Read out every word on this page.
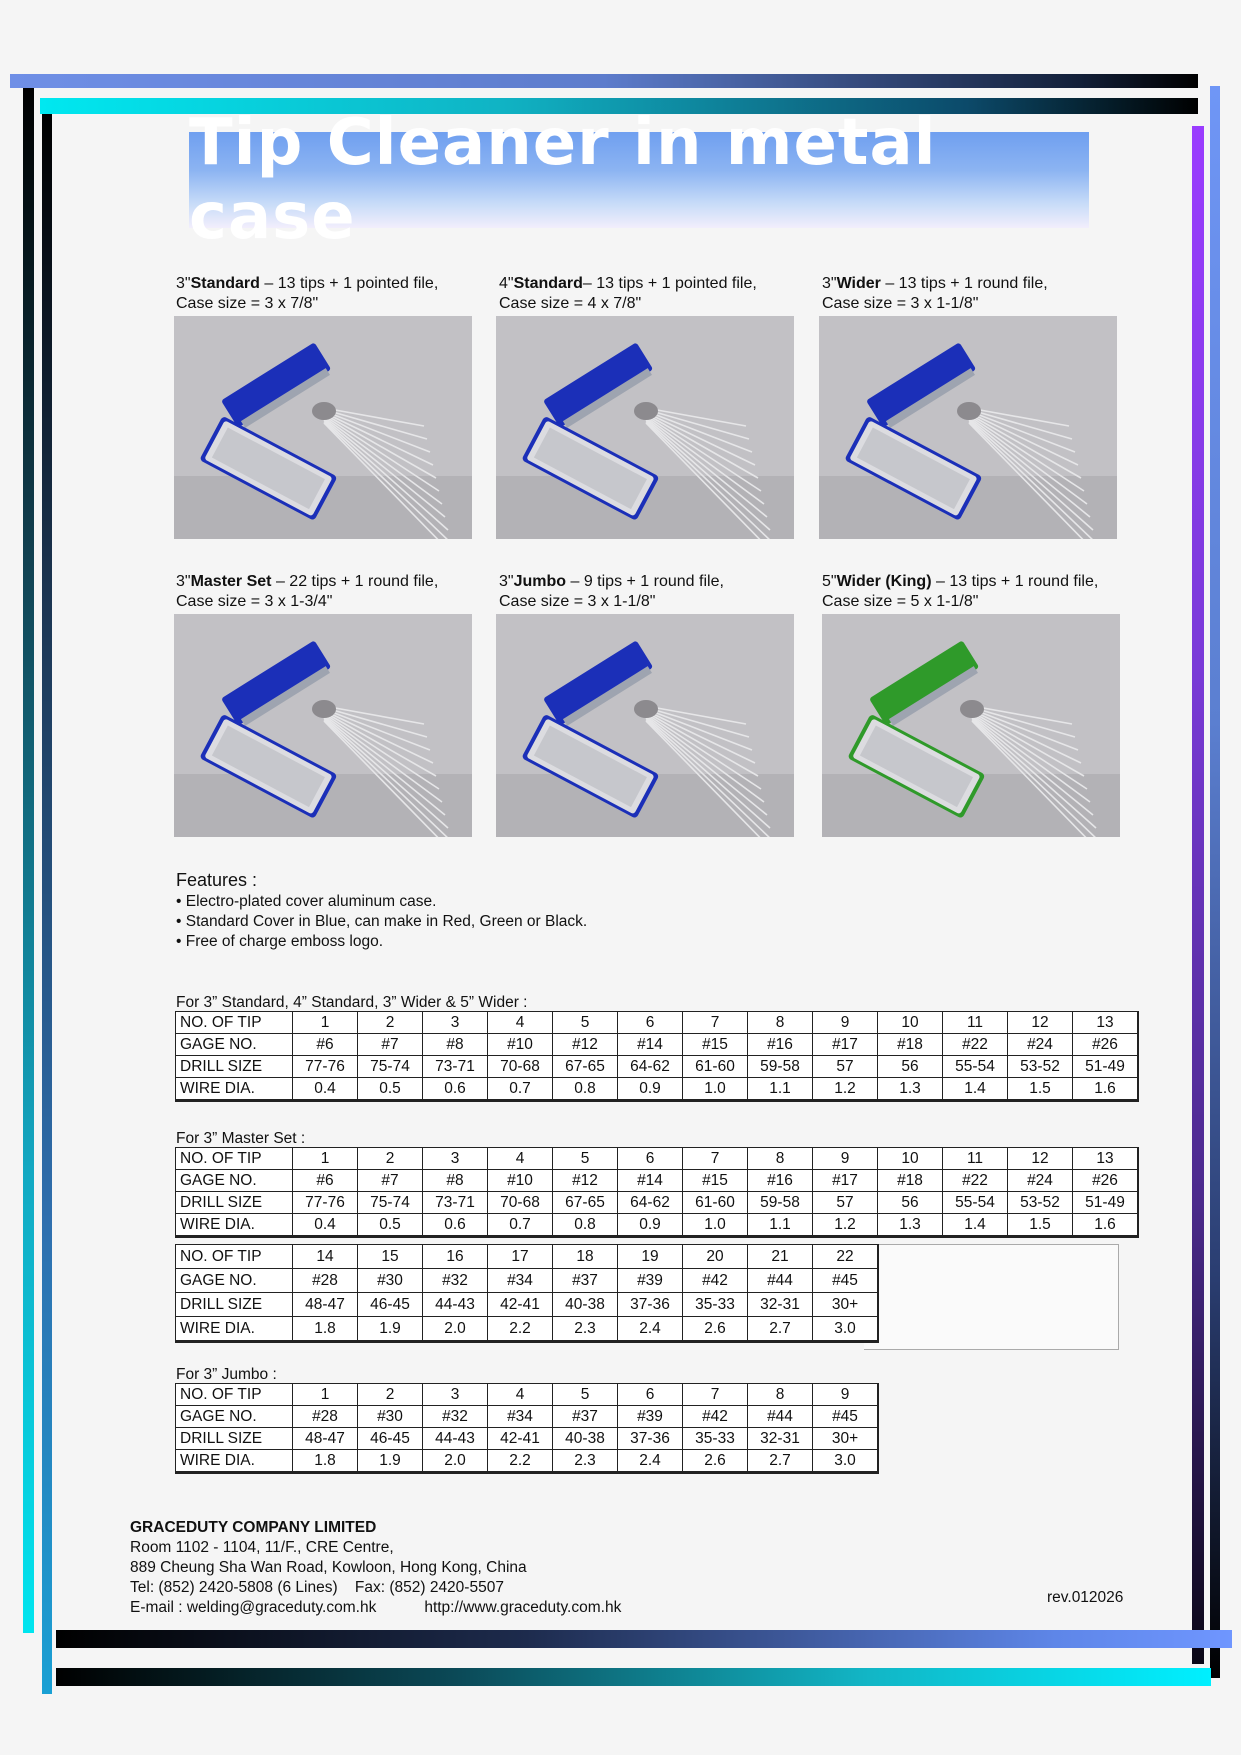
Tip Cleaner in metal case
3"Standard – 13 tips + 1 pointed file,
Case size = 3 x 7/8"
4"Standard– 13 tips + 1 pointed file,
Case size = 4 x 7/8"
3"Wider – 13 tips + 1 round file,
Case size = 3 x 1-1/8"
3"Master Set – 22 tips + 1 round file,
Case size = 3 x 1-3/4"
3"Jumbo – 9 tips + 1 round file,
Case size = 3 x 1-1/8"
5"Wider (King) – 13 tips + 1 round file,
Case size = 5 x 1-1/8"
Features :
• Electro-plated cover aluminum case.
• Standard Cover in Blue, can make in Red, Green or Black.
• Free of charge emboss logo.
For 3” Standard, 4” Standard, 3” Wider & 5” Wider :
NO. OF TIP	1	2	3	4	5	6	7	8	9	10	11	12	13
GAGE NO.	#6	#7	#8	#10	#12	#14	#15	#16	#17	#18	#22	#24	#26
DRILL SIZE	77-76	75-74	73-71	70-68	67-65	64-62	61-60	59-58	57	56	55-54	53-52	51-49
WIRE DIA.	0.4	0.5	0.6	0.7	0.8	0.9	1.0	1.1	1.2	1.3	1.4	1.5	1.6
For 3” Master Set :
NO. OF TIP	1	2	3	4	5	6	7	8	9	10	11	12	13
GAGE NO.	#6	#7	#8	#10	#12	#14	#15	#16	#17	#18	#22	#24	#26
DRILL SIZE	77-76	75-74	73-71	70-68	67-65	64-62	61-60	59-58	57	56	55-54	53-52	51-49
WIRE DIA.	0.4	0.5	0.6	0.7	0.8	0.9	1.0	1.1	1.2	1.3	1.4	1.5	1.6
NO. OF TIP	14	15	16	17	18	19	20	21	22
GAGE NO.	#28	#30	#32	#34	#37	#39	#42	#44	#45
DRILL SIZE	48-47	46-45	44-43	42-41	40-38	37-36	35-33	32-31	30+
WIRE DIA.	1.8	1.9	2.0	2.2	2.3	2.4	2.6	2.7	3.0
For 3” Jumbo :
NO. OF TIP	1	2	3	4	5	6	7	8	9
GAGE NO.	#28	#30	#32	#34	#37	#39	#42	#44	#45
DRILL SIZE	48-47	46-45	44-43	42-41	40-38	37-36	35-33	32-31	30+
WIRE DIA.	1.8	1.9	2.0	2.2	2.3	2.4	2.6	2.7	3.0
GRACEDUTY COMPANY LIMITED
Room 1102 - 1104, 11/F., CRE Centre,
889 Cheung Sha Wan Road, Kowloon, Hong Kong, China
Tel: (852) 2420-5808 (6 Lines)    Fax: (852) 2420-5507
E-mail : welding@graceduty.com.hk	http://www.graceduty.com.hk
rev.012026
